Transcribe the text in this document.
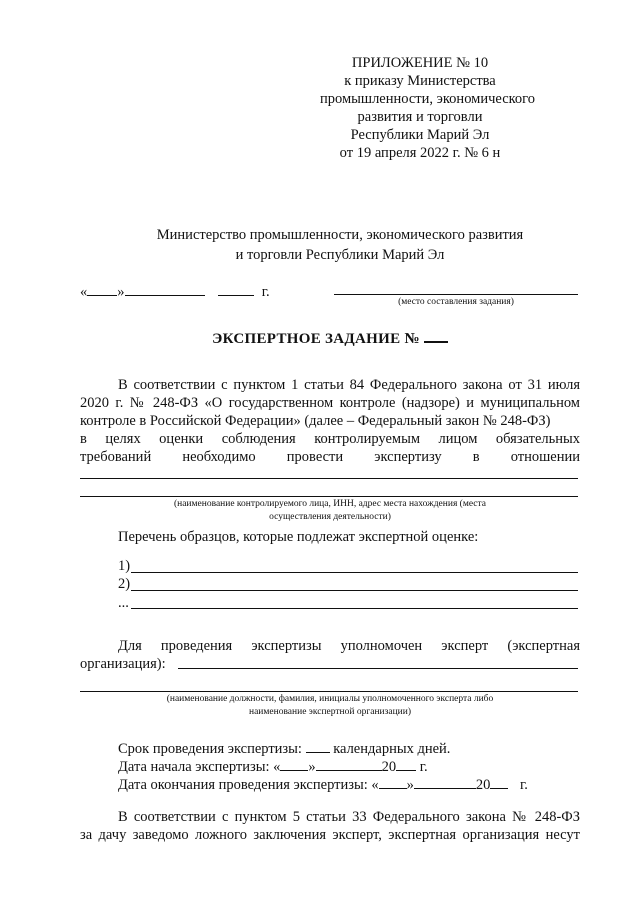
ПРИЛОЖЕНИЕ № 10
к приказу Министерства
промышленности, экономического
развития и торговли
Республики Марий Эл
от 19 апреля 2022 г. № 6 н
Министерство промышленности, экономического развития
и торговли Республики Марий Эл
« »	г.
(место составления задания)
ЭКСПЕРТНОЕ ЗАДАНИЕ №
В соответствии с пунктом 1 статьи 84 Федерального закона от 31 июля
2020 г. № 248-ФЗ «О государственном контроле (надзоре) и муниципальном
контроле в Российской Федерации» (далее – Федеральный закон № 248-ФЗ)
в целях оценки соблюдения контролируемым лицом обязательных
требований необходимо провести экспертизу в отношении
(наименование контролируемого лица, ИНН, адрес места нахождения (места
осуществления деятельности)
Перечень образцов, которые подлежат экспертной оценке:
1)
2)
...
Для проведения экспертизы уполномочен эксперт (экспертная
организация):
(наименование должности, фамилия, инициалы уполномоченного эксперта либо
наименование экспертной организации)
Срок проведения экспертизы: календарных дней.
Дата начала экспертизы: « »	20 г.
Дата окончания проведения экспертизы: « »	20 г.
В соответствии с пунктом 5 статьи 33 Федерального закона № 248-ФЗ
за дачу заведомо ложного заключения эксперт, экспертная организация несут
